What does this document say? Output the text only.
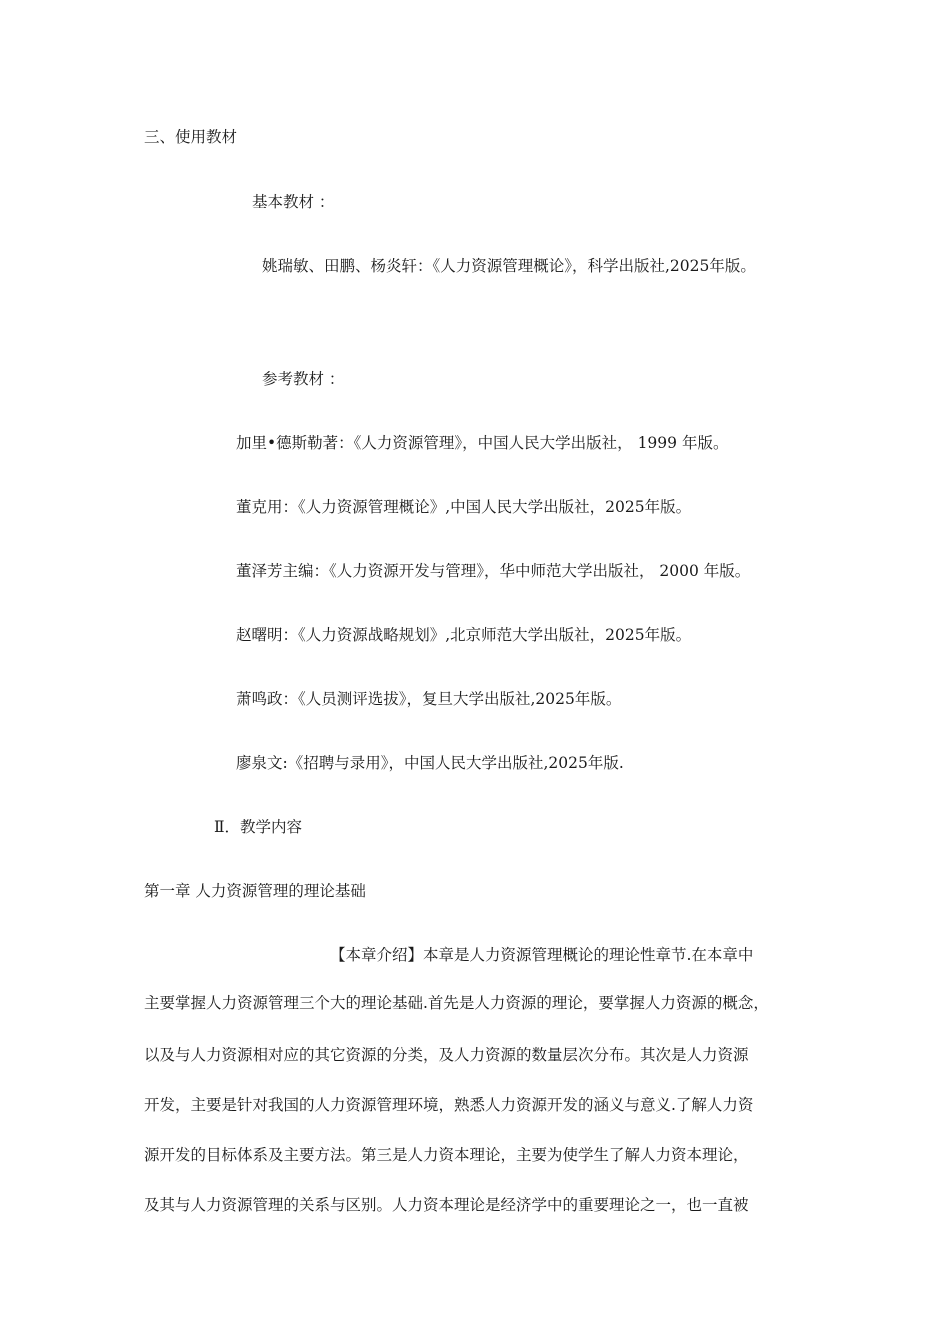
三、使用教材
基本教材 ：
姚瑞敏、田鹏、杨炎轩：《人力资源管理概论》，科学出版社,2025年版。
参考教材 ：
加里•德斯勒著：《人力资源管理》，中国人民大学出版社， 1999 年版。
董克用：《人力资源管理概论》,中国人民大学出版社，2025年版。
董泽芳主编：《人力资源开发与管理》，华中师范大学出版社， 2000 年版。
赵曙明：《人力资源战略规划》,北京师范大学出版社，2025年版。
萧鸣政：《人员测评选拔》，复旦大学出版社,2025年版。
廖泉文:《招聘与录用》，中国人民大学出版社,2025年版.
Ⅱ．教学内容
第一章 人力资源管理的理论基础
【本章介绍】本章是人力资源管理概论的理论性章节.在本章中
主要掌握人力资源管理三个大的理论基础.首先是人力资源的理论，要掌握人力资源的概念，
以及与人力资源相对应的其它资源的分类，及人力资源的数量层次分布。其次是人力资源
开发，主要是针对我国的人力资源管理环境，熟悉人力资源开发的涵义与意义.了解人力资
源开发的目标体系及主要方法。第三是人力资本理论，主要为使学生了解人力资本理论，
及其与人力资源管理的关系与区别。人力资本理论是经济学中的重要理论之一，也一直被
